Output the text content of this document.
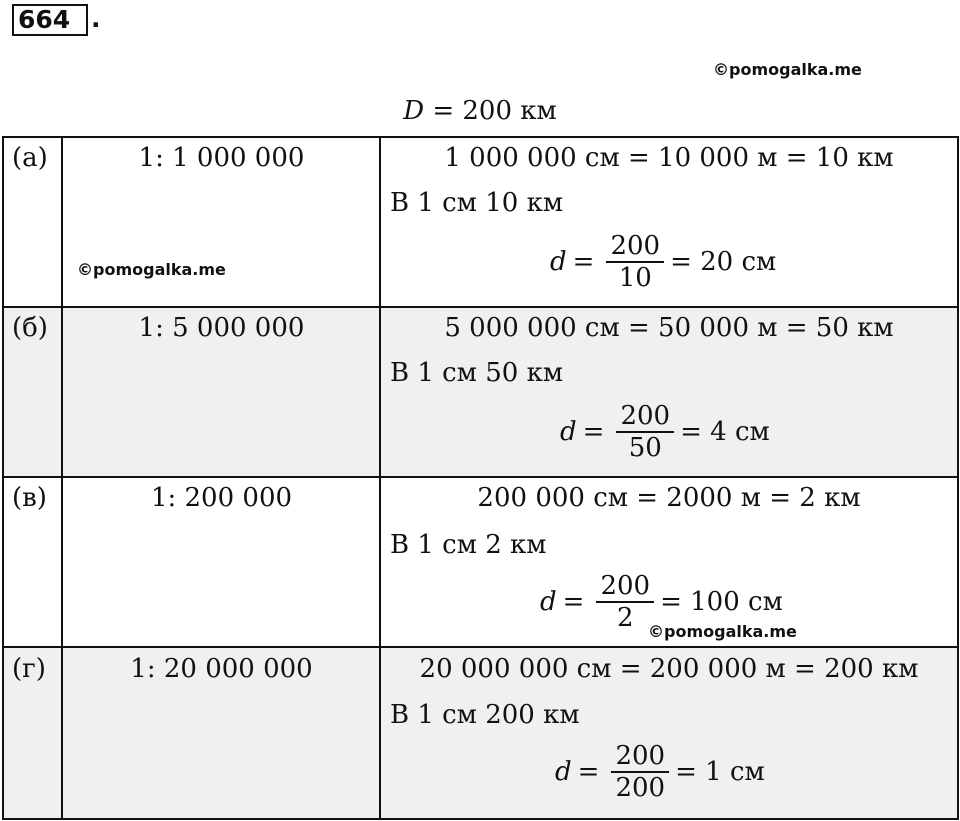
664 .
©pomogalka.me
D = 200 км
(а)	1: 1 000 000	1 000 000 см = 10 000 м = 10 км
В 1 см 10 км
$d = \frac{200}{10} = 20$ см
©pomogalka.me
(б)	1: 5 000 000	5 000 000 см = 50 000 м = 50 км
В 1 см 50 км
$d = \frac{200}{50} = 4$ см
(в)	1: 200 000	200 000 см = 2000 м = 2 км
В 1 см 2 км
$d = \frac{200}{2} = 100$ см
©pomogalka.me
(г)	1: 20 000 000	20 000 000 см = 200 000 м = 200 км
В 1 см 200 км
$d = \frac{200}{200} = 1$ см
